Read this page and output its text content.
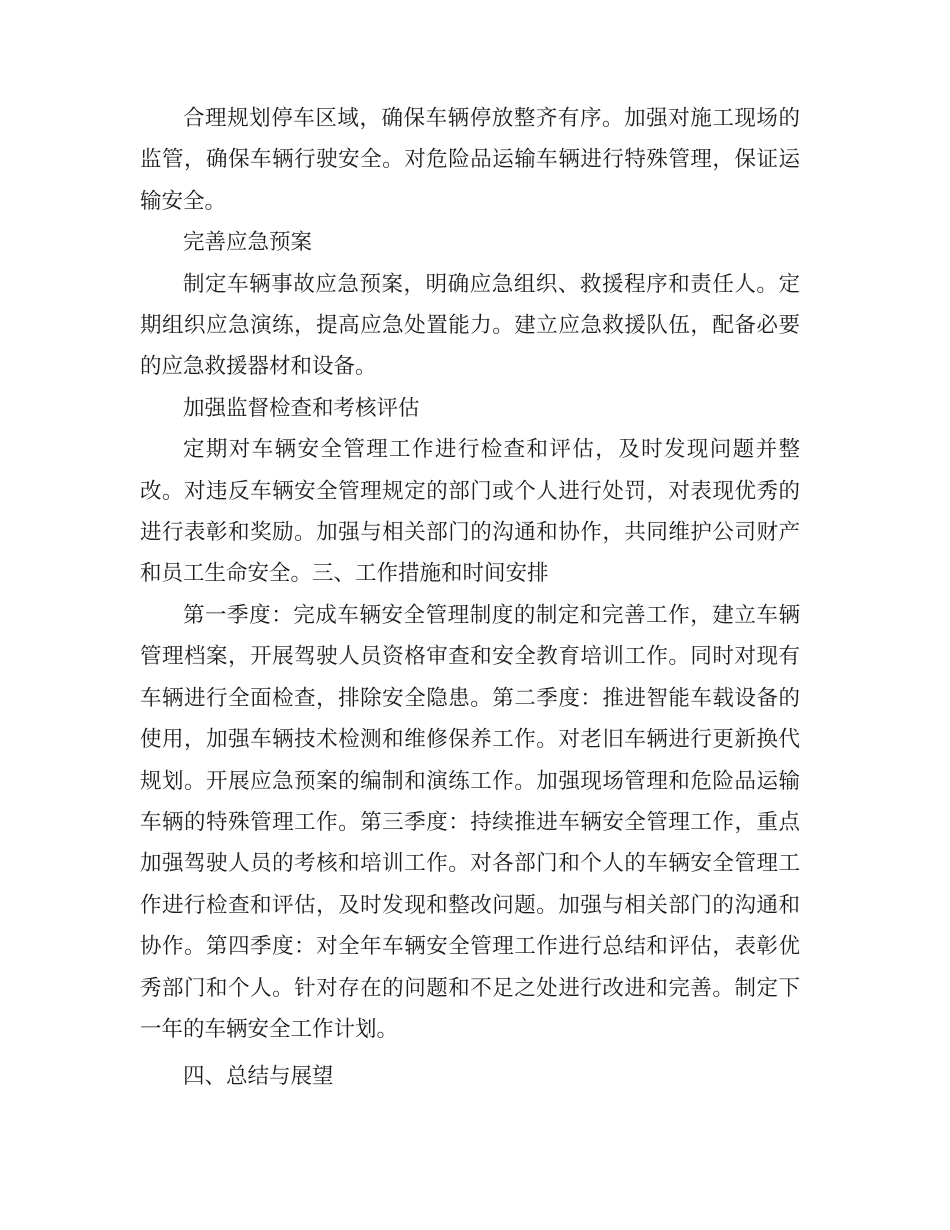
合理规划停车区域，确保车辆停放整齐有序。加强对施工现场的监管，确保车辆行驶安全。对危险品运输车辆进行特殊管理，保证运输安全。

完善应急预案

制定车辆事故应急预案，明确应急组织、救援程序和责任人。定期组织应急演练，提高应急处置能力。建立应急救援队伍，配备必要的应急救援器材和设备。

加强监督检查和考核评估

定期对车辆安全管理工作进行检查和评估，及时发现问题并整改。对违反车辆安全管理规定的部门或个人进行处罚，对表现优秀的进行表彰和奖励。加强与相关部门的沟通和协作，共同维护公司财产和员工生命安全。三、工作措施和时间安排

第一季度：完成车辆安全管理制度的制定和完善工作，建立车辆管理档案，开展驾驶人员资格审查和安全教育培训工作。同时对现有车辆进行全面检查，排除安全隐患。第二季度：推进智能车载设备的使用，加强车辆技术检测和维修保养工作。对老旧车辆进行更新换代规划。开展应急预案的编制和演练工作。加强现场管理和危险品运输车辆的特殊管理工作。第三季度：持续推进车辆安全管理工作，重点加强驾驶人员的考核和培训工作。对各部门和个人的车辆安全管理工作进行检查和评估，及时发现和整改问题。加强与相关部门的沟通和协作。第四季度：对全年车辆安全管理工作进行总结和评估，表彰优秀部门和个人。针对存在的问题和不足之处进行改进和完善。制定下一年的车辆安全工作计划。

四、总结与展望
